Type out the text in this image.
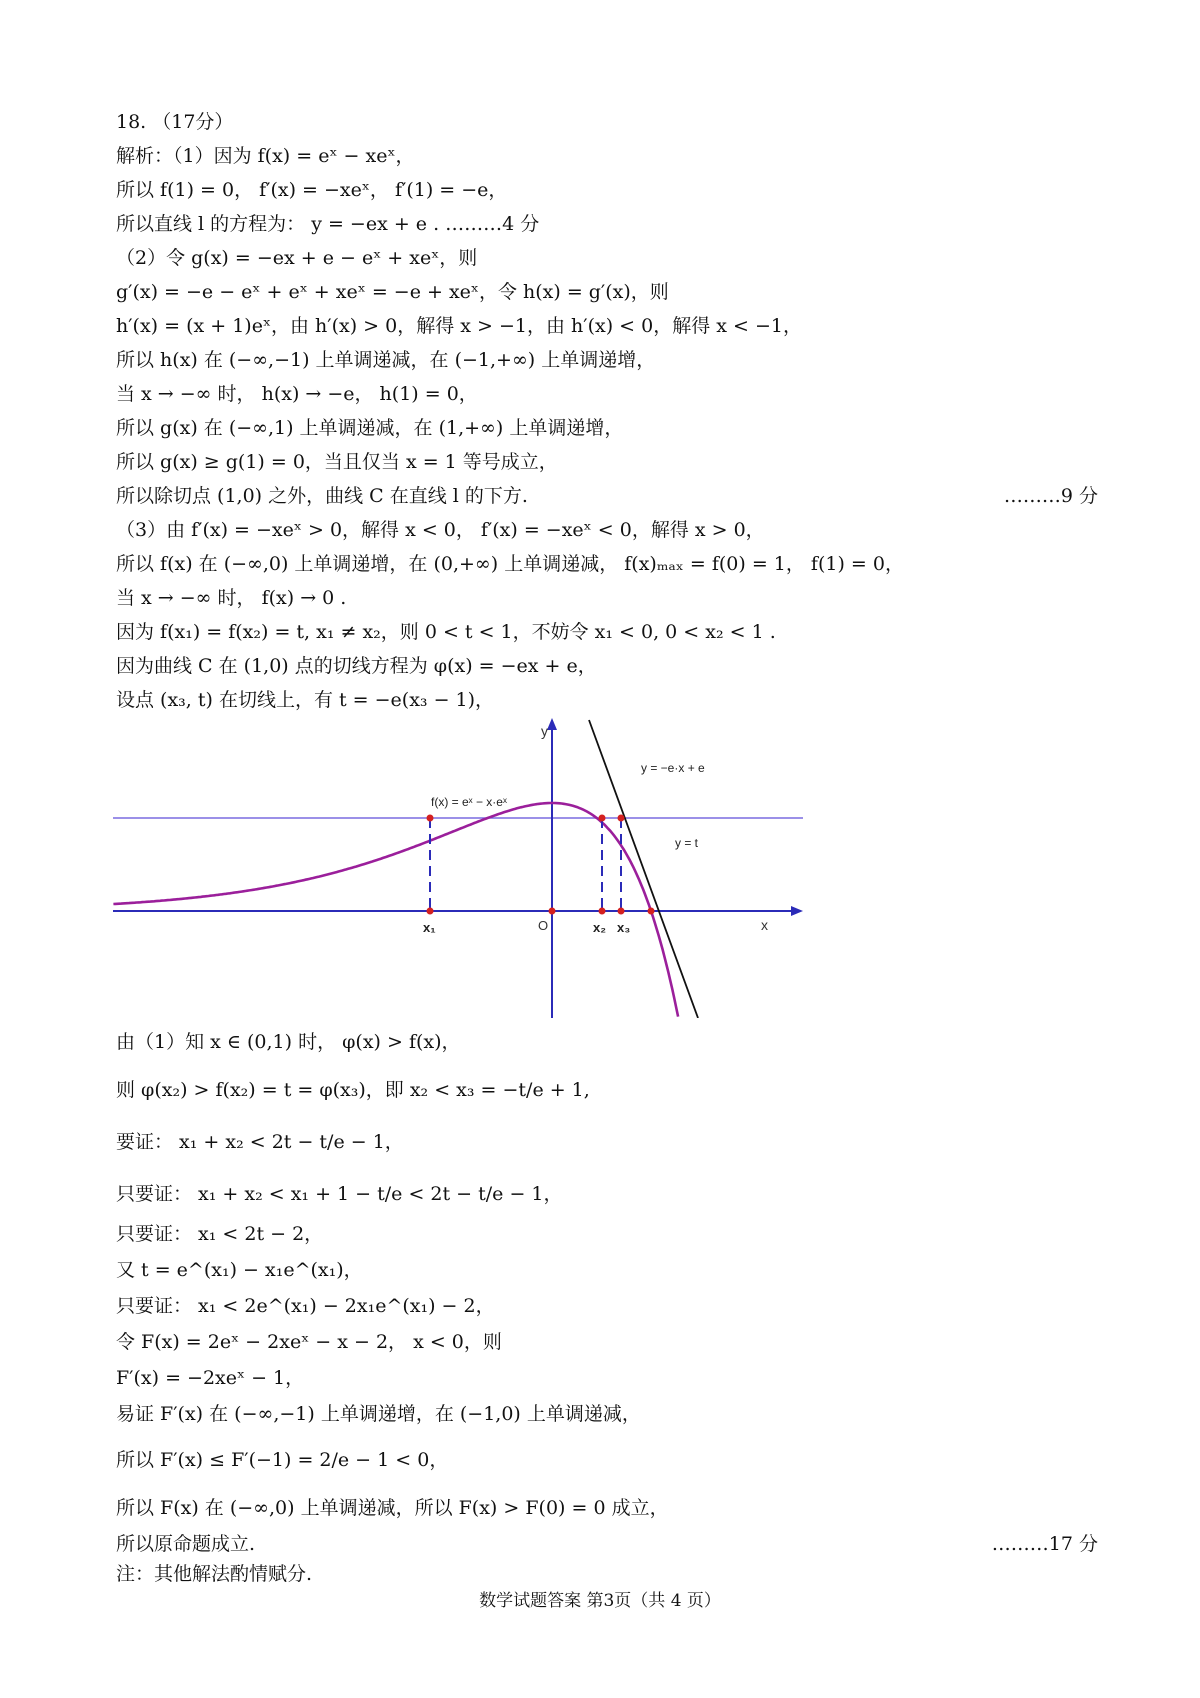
18. （17分）
解析：（1）因为 f(x) = eˣ − xeˣ，
所以 f(1) = 0， f′(x) = −xeˣ， f′(1) = −e，
所以直线 l 的方程为： y = −ex + e . ………4 分
（2）令 g(x) = −ex + e − eˣ + xeˣ，则
g′(x) = −e − eˣ + eˣ + xeˣ = −e + xeˣ，令 h(x) = g′(x)，则
h′(x) = (x + 1)eˣ，由 h′(x) > 0，解得 x > −1，由 h′(x) < 0，解得 x < −1，
所以 h(x) 在 (−∞,−1) 上单调递减，在 (−1,+∞) 上单调递增，
当 x → −∞ 时， h(x) → −e， h(1) = 0，
所以 g(x) 在 (−∞,1) 上单调递减，在 (1,+∞) 上单调递增，
所以 g(x) ≥ g(1) = 0，当且仅当 x = 1 等号成立，
所以除切点 (1,0) 之外，曲线 C 在直线 l 的下方.	………9 分
（3）由 f′(x) = −xeˣ > 0，解得 x < 0， f′(x) = −xeˣ < 0，解得 x > 0，
所以 f(x) 在 (−∞,0) 上单调递增，在 (0,+∞) 上单调递减， f(x)ₘₐₓ = f(0) = 1， f(1) = 0，
当 x → −∞ 时， f(x) → 0 .
因为 f(x₁) = f(x₂) = t, x₁ ≠ x₂，则 0 < t < 1，不妨令 x₁ < 0, 0 < x₂ < 1 .
因为曲线 C 在 (1,0) 点的切线方程为 φ(x) = −ex + e，
设点 (x₃, t) 在切线上，有 t = −e(x₃ − 1)，
y
x
O
f(x) = eˣ − x·eˣ
y = −e·x + e
y = t
x₁	x₂ x₃
由（1）知 x ∈ (0,1) 时， φ(x) > f(x)，
则 φ(x₂) > f(x₂) = t = φ(x₃)，即 x₂ < x₃ = −t/e + 1,
要证： x₁ + x₂ < 2t − t/e − 1，
只要证： x₁ + x₂ < x₁ + 1 − t/e < 2t − t/e − 1，
只要证： x₁ < 2t − 2，
又 t = e^(x₁) − x₁e^(x₁)，
只要证： x₁ < 2e^(x₁) − 2x₁e^(x₁) − 2，
令 F(x) = 2eˣ − 2xeˣ − x − 2， x < 0，则
F′(x) = −2xeˣ − 1，
易证 F′(x) 在 (−∞,−1) 上单调递增，在 (−1,0) 上单调递减，
所以 F′(x) ≤ F′(−1) = 2/e − 1 < 0，
所以 F(x) 在 (−∞,0) 上单调递减，所以 F(x) > F(0) = 0 成立，
所以原命题成立.	………17 分
注：其他解法酌情赋分.
数学试题答案 第3页（共 4 页）
